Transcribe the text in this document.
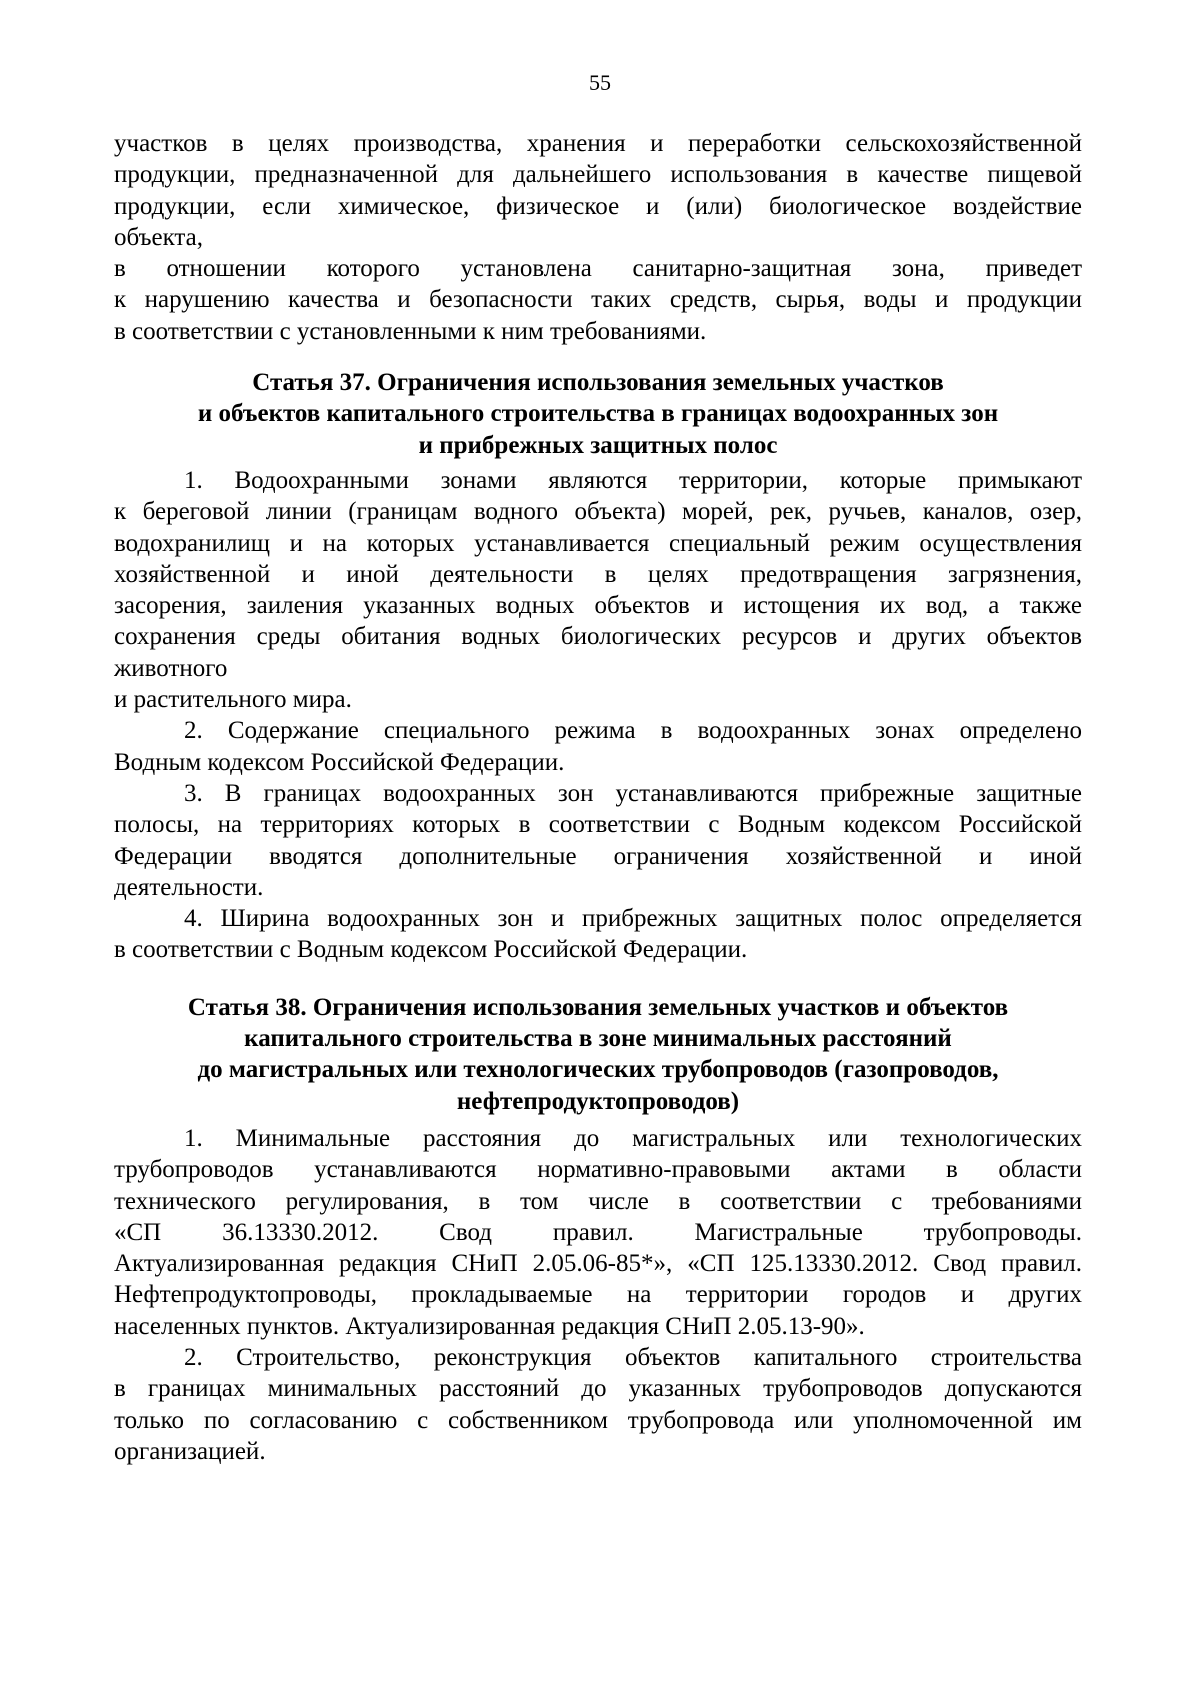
55
участков в целях производства, хранения и переработки сельскохозяйственной
продукции, предназначенной для дальнейшего использования в качестве пищевой
продукции, если химическое, физическое и (или) биологическое воздействие
объекта,
в отношении которого установлена санитарно-защитная зона, приведет
к нарушению качества и безопасности таких средств, сырья, воды и продукции
в соответствии с установленными к ним требованиями.
Статья 37. Ограничения использования земельных участков
и объектов капитального строительства в границах водоохранных зон
и прибрежных защитных полос
1. Водоохранными зонами являются территории, которые примыкают
к береговой линии (границам водного объекта) морей, рек, ручьев, каналов, озер,
водохранилищ и на которых устанавливается специальный режим осуществления
хозяйственной и иной деятельности в целях предотвращения загрязнения,
засорения, заиления указанных водных объектов и истощения их вод, а также
сохранения среды обитания водных биологических ресурсов и других объектов
животного
и растительного мира.
2. Содержание специального режима в водоохранных зонах определено
Водным кодексом Российской Федерации.
3. В границах водоохранных зон устанавливаются прибрежные защитные
полосы, на территориях которых в соответствии с Водным кодексом Российской
Федерации вводятся дополнительные ограничения хозяйственной и иной
деятельности.
4. Ширина водоохранных зон и прибрежных защитных полос определяется
в соответствии с Водным кодексом Российской Федерации.
Статья 38. Ограничения использования земельных участков и объектов
капитального строительства в зоне минимальных расстояний
до магистральных или технологических трубопроводов (газопроводов,
нефтепродуктопроводов)
1. Минимальные расстояния до магистральных или технологических
трубопроводов устанавливаются нормативно-правовыми актами в области
технического регулирования, в том числе в соответствии с требованиями
«СП 36.13330.2012. Свод правил. Магистральные трубопроводы.
Актуализированная редакция СНиП 2.05.06-85*», «СП 125.13330.2012. Свод правил.
Нефтепродуктопроводы, прокладываемые на территории городов и других
населенных пунктов. Актуализированная редакция СНиП 2.05.13-90».
2. Строительство, реконструкция объектов капитального строительства
в границах минимальных расстояний до указанных трубопроводов допускаются
только по согласованию с собственником трубопровода или уполномоченной им
организацией.
